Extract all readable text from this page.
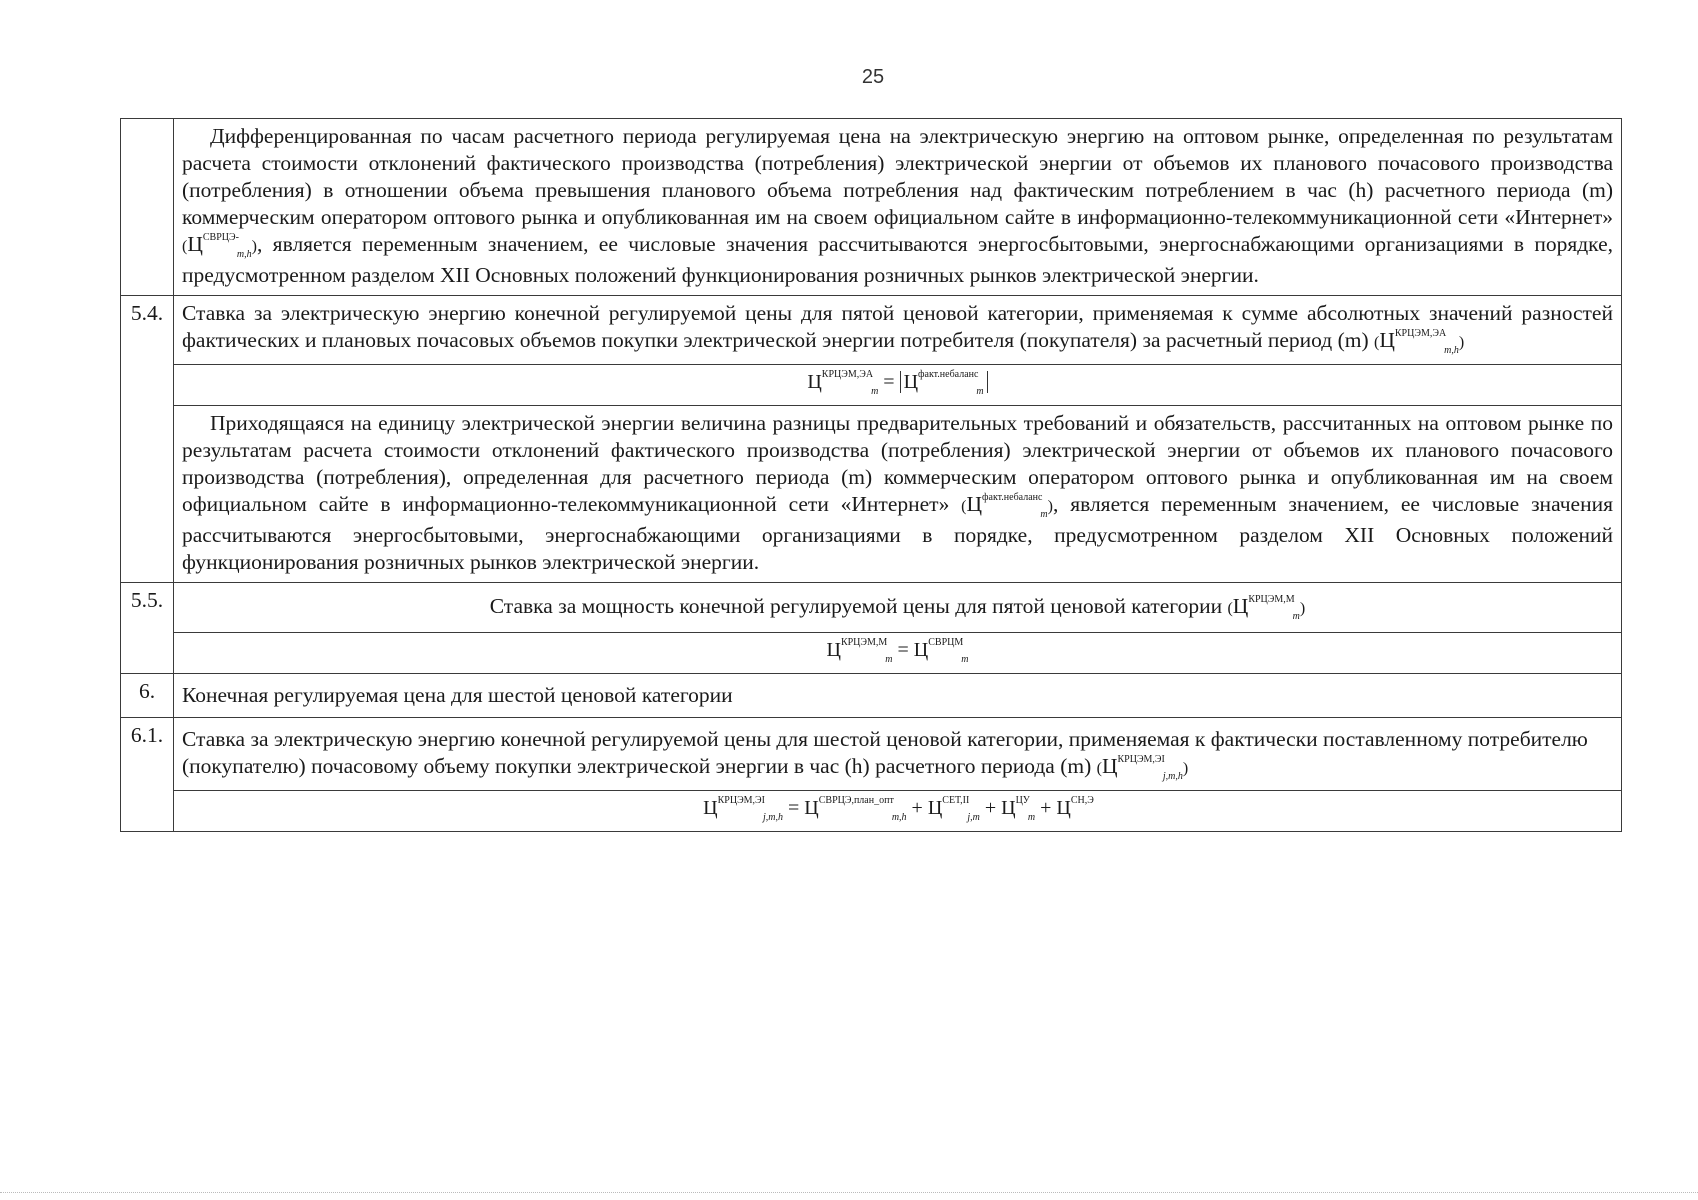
25
	Дифференцированная по часам расчетного периода регулируемая цена на электрическую энергию на оптовом рынке, определенная по результатам расчета стоимости отклонений фактического производства (потребления) электрической энергии от объемов их планового почасового производства (потребления) в отношении объема превышения планового объема потребления над фактическим потреблением в час (h) расчетного периода (m) коммерческим оператором оптового рынка и опубликованная им на своем официальном сайте в информационно-телекоммуникационной сети «Интернет» $(Ц^{СВРЦЭ-}_{m,h})$, является переменным значением, ее числовые значения рассчитываются энергосбытовыми, энергоснабжающими организациями в порядке, предусмотренном разделом XII Основных положений функционирования розничных рынков электрической энергии.
5.4.	Ставка за электрическую энергию конечной регулируемой цены для пятой ценовой категории, применяемая к сумме абсолютных значений разностей фактических и плановых почасовых объемов покупки электрической энергии потребителя (покупателя) за расчетный период (m) $(Ц^{КРЦЭМ,ЭА}_{m,h})$
	$Ц^{КРЦЭМ,ЭА}_m = Ц^{факт.небаланс}_m$
	Приходящаяся на единицу электрической энергии величина разницы предварительных требований и обязательств, рассчитанных на оптовом рынке по результатам расчета стоимости отклонений фактического производства (потребления) электрической энергии от объемов их планового почасового производства (потребления), определенная для расчетного периода (m) коммерческим оператором оптового рынка и опубликованная им на своем официальном сайте в информационно-телекоммуникационной сети «Интернет» $(Ц^{факт.небаланс}_m)$, является переменным значением, ее числовые значения рассчитываются энергосбытовыми, энергоснабжающими организациями в порядке, предусмотренном разделом XII Основных положений функционирования розничных рынков электрической энергии.
5.5.	Ставка за мощность конечной регулируемой цены для пятой ценовой категории $(Ц^{КРЦЭМ,М}_m)$
	$Ц^{КРЦЭМ,М}_m = Ц^{СВРЦМ}_m$
6.	Конечная регулируемая цена для шестой ценовой категории
6.1.	Ставка за электрическую энергию конечной регулируемой цены для шестой ценовой категории, применяемая к фактически поставленному потребителю (покупателю) почасовому объему покупки электрической энергии в час (h) расчетного периода (m) $(Ц^{КРЦЭМ,ЭI}_{j,m,h})$
	$Ц^{КРЦЭМ,ЭI}_{j,m,h} = Ц^{СВРЦЭ,план\_опт}_{m,h} + Ц^{СЕТ,II}_{j,m} + Ц^{ЦУ}_m + Ц^{СН,Э}$
